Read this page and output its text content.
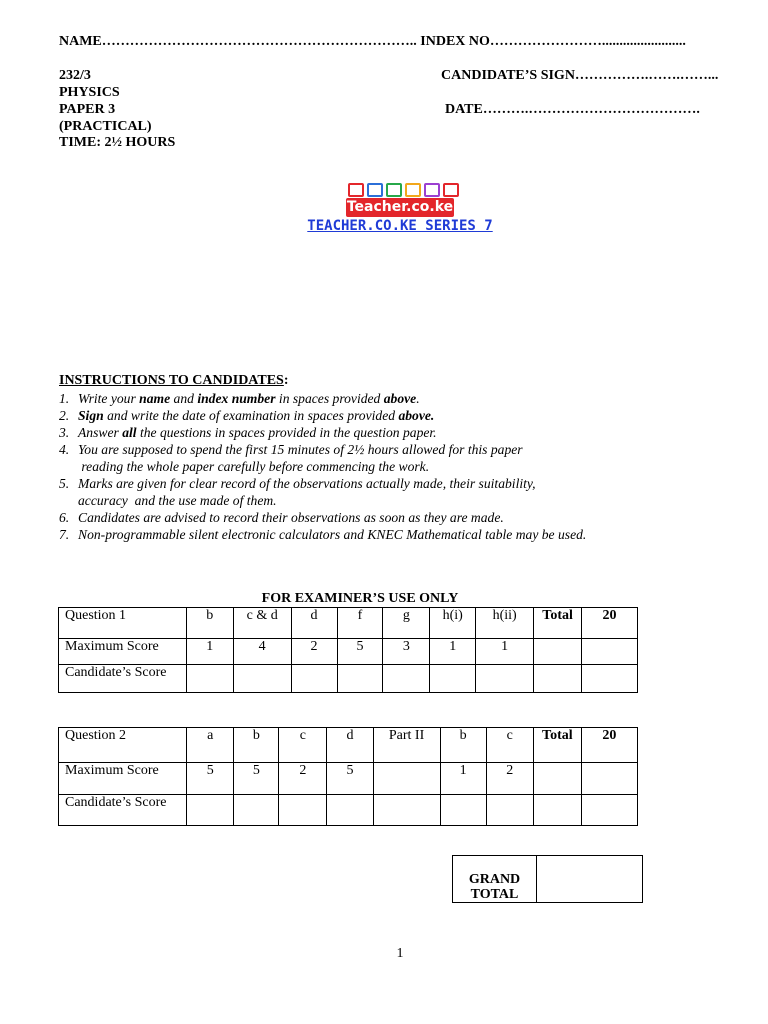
NAME………………………………………………………….. INDEX NO……………………........................
232/3	CANDIDATE’S SIGN…………….…….……...
PHYSICS
PAPER 3	DATE……….……………………………….
(PRACTICAL)
TIME: 2½ HOURS
Teacher.co.ke
TEACHER.CO.KE SERIES 7
INSTRUCTIONS TO CANDIDATES:
1. Write your name and index number in spaces provided above.
2. Sign and write the date of examination in spaces provided above.
3. Answer all the questions in spaces provided in the question paper.
4. You are supposed to spend the first 15 minutes of 2½ hours allowed for this paper
reading the whole paper carefully before commencing the work.
5. Marks are given for clear record of the observations actually made, their suitability,
accuracy  and the use made of them.
6. Candidates are advised to record their observations as soon as they are made.
7. Non-programmable silent electronic calculators and KNEC Mathematical table may be used.
FOR EXAMINER’S USE ONLY
Question 1	b	c & d	d	f	g	h(i)	h(ii)	Total	20
Maximum Score	1	4	2	5	3	1	1		
Candidate’s Score									
Question 2	a	b	c	d	Part II	b	c	Total	20
Maximum Score	5	5	2	5		1	2		
Candidate’s Score									
GRAND
TOTAL

1
